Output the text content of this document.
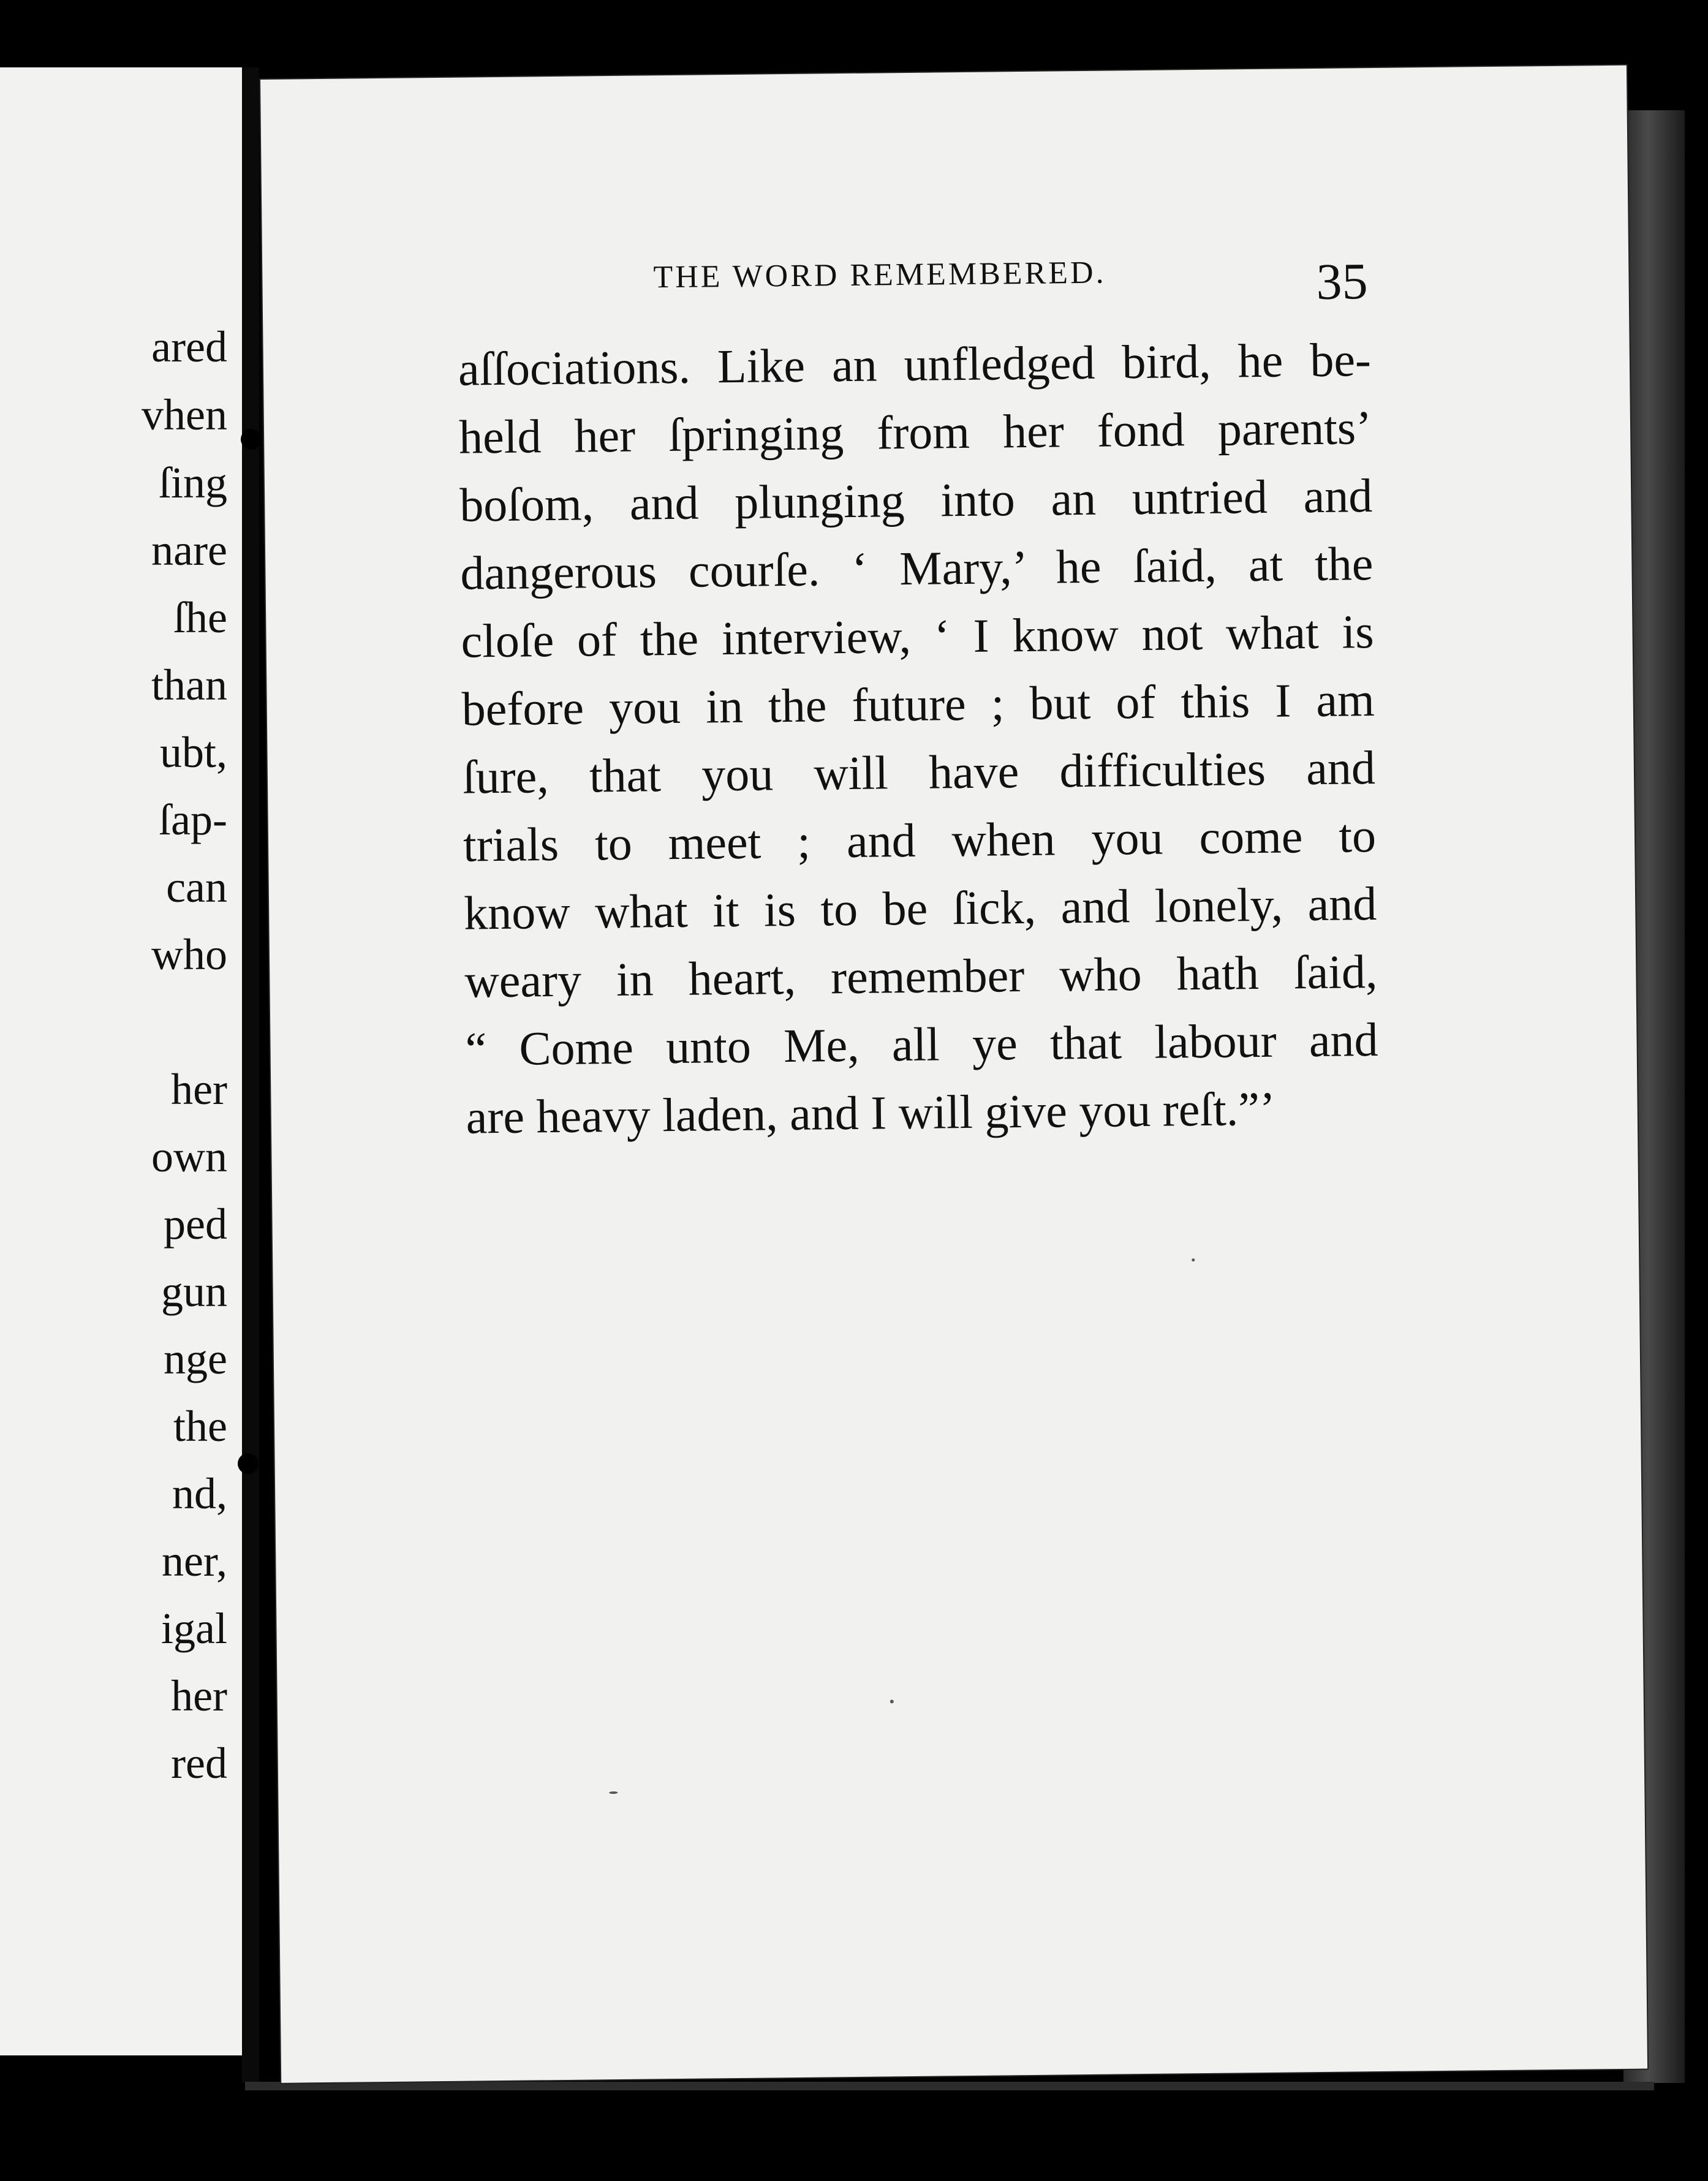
ared
vhen
ſing
nare
ſhe
than
ubt,
ſap-
can
who
her
own
ped
gun
nge
the
nd,
ner,
igal
her
red
THE WORD REMEMBERED.	35
aſſociations. Like an unfledged bird, he be-
held her ſpringing from her fond parents’
boſom, and plunging into an untried and
dangerous courſe. ‘ Mary,’ he ſaid, at the
cloſe of the interview, ‘ I know not what is
before you in the future ; but of this I am
ſure, that you will have difficulties and
trials to meet ; and when you come to
know what it is to be ſick, and lonely, and
weary in heart, remember who hath ſaid,
“ Come unto Me, all ye that labour and
are heavy laden, and I will give you reſt.”’
